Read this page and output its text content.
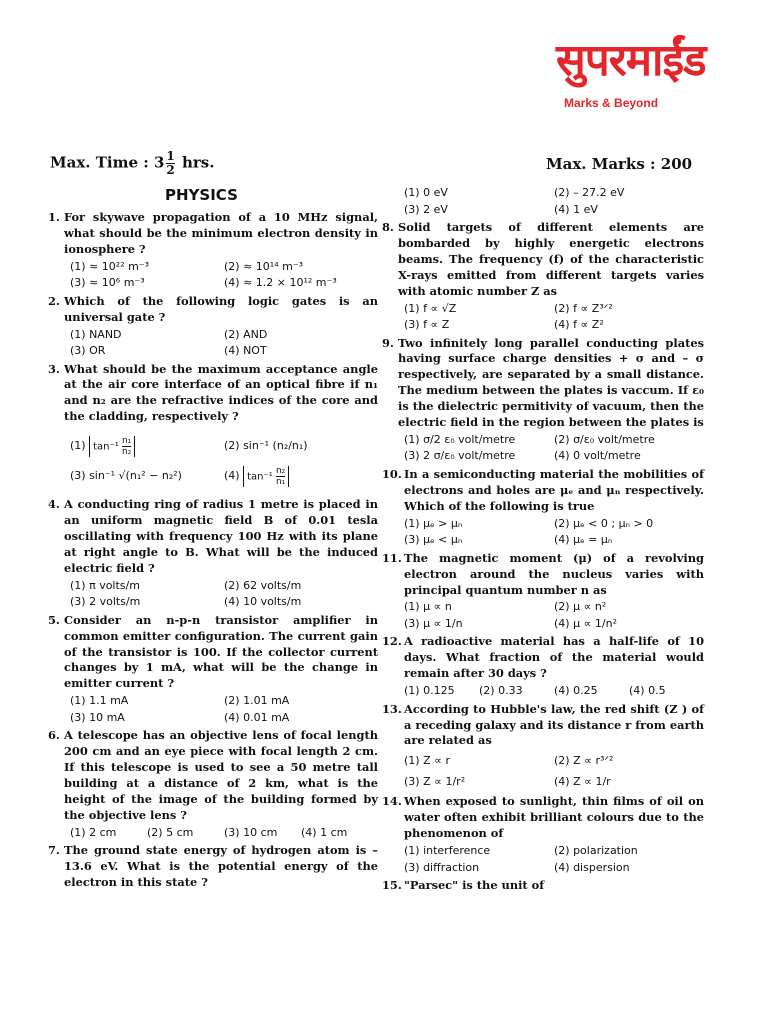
सुपरमाईंड
Marks & Beyond
Max. Time : $3 \frac{1}{2}$ hrs.	Max. Marks : 200
PHYSICS
1. For skywave propagation of a 10 MHz signal, what should be the minimum electron density in ionosphere ?
(1) ≈ 10²² m⁻³	(2) ≈ 10¹⁴ m⁻³
(3) ≈ 10⁶ m⁻³	(4) ≈ 1.2 × 10¹² m⁻³
2. Which of the following logic gates is an universal gate ?
(1) NAND	(2) AND
(3) OR	(4) NOT
3. What should be the maximum acceptance angle at the air core interface of an optical fibre if n₁ and n₂ are the refractive indices of the core and the cladding, respectively ?
(1) $\tan^{-1} \frac{\text{n₁}}{\text{n₂}}$	(2) sin⁻¹ (n₂/n₁)
(3) sin⁻¹ √(n₁² − n₂²)	(4) $\tan^{-1} \frac{\text{n₂}}{\text{n₁}}$
4. A conducting ring of radius 1 metre is placed in an uniform magnetic field B of 0.01 tesla oscillating with frequency 100 Hz with its plane at right angle to B. What will be the induced electric field ?
(1) π volts/m	(2) 62 volts/m
(3) 2 volts/m	(4) 10 volts/m
5. Consider an n-p-n transistor amplifier in common emitter configuration. The current gain of the transistor is 100. If the collector current changes by 1 mA, what will be the change in emitter current ?
(1) 1.1 mA	(2) 1.01 mA
(3) 10 mA	(4) 0.01 mA
6. A telescope has an objective lens of focal length 200 cm and an eye piece with focal length 2 cm. If this telescope is used to see a 50 metre tall building at a distance of 2 km, what is the height of the image of the building formed by the objective lens ?
(1) 2 cm	(2) 5 cm	(3) 10 cm	(4) 1 cm
7. The ground state energy of hydrogen atom is – 13.6 eV. What is the potential energy of the electron in this state ?
(1) 0 eV	(2) – 27.2 eV
(3) 2 eV	(4) 1 eV
8. Solid targets of different elements are bombarded by highly energetic electrons beams. The frequency (f) of the characteristic X-rays emitted from different targets varies with atomic number Z as
(1) f ∝ √Z	(2) f ∝ Z³ᐟ²
(3) f ∝ Z	(4) f ∝ Z²
9. Two infinitely long parallel conducting plates having surface charge densities + σ and – σ respectively, are separated by a small distance. The medium between the plates is vaccum. If ε₀ is the dielectric permitivity of vacuum, then the electric field in the region between the plates is
(1) σ/2 ε₀ volt/metre	(2) σ/ε₀ volt/metre
(3) 2 σ/ε₀ volt/metre	(4) 0 volt/metre
10. In a semiconducting material the mobilities of electrons and holes are μₑ and μₙ respectively. Which of the following is true
(1) μₑ > μₙ	(2) μₑ < 0 ; μₙ > 0
(3) μₑ < μₙ	(4) μₑ = μₙ
11. The magnetic moment (μ) of a revolving electron around the nucleus varies with principal quantum number n as
(1) μ ∝ n	(2) μ ∝ n²
(3) μ ∝ 1/n	(4) μ ∝ 1/n²
12. A radioactive material has a half-life of 10 days. What fraction of the material would remain after 30 days ?
(1) 0.125	(2) 0.33	(4) 0.25	(4) 0.5
13. According to Hubble's law, the red shift (Z ) of a receding galaxy and its distance r from earth are related as
(1) Z ∝ r	(2) Z ∝ r³ᐟ²
(3) Z ∝ 1/r²	(4) Z ∝ 1/r
14. When exposed to sunlight, thin films of oil on water often exhibit brilliant colours due to the phenomenon of
(1) interference	(2) polarization
(3) diffraction	(4) dispersion
15. "Parsec" is the unit of
